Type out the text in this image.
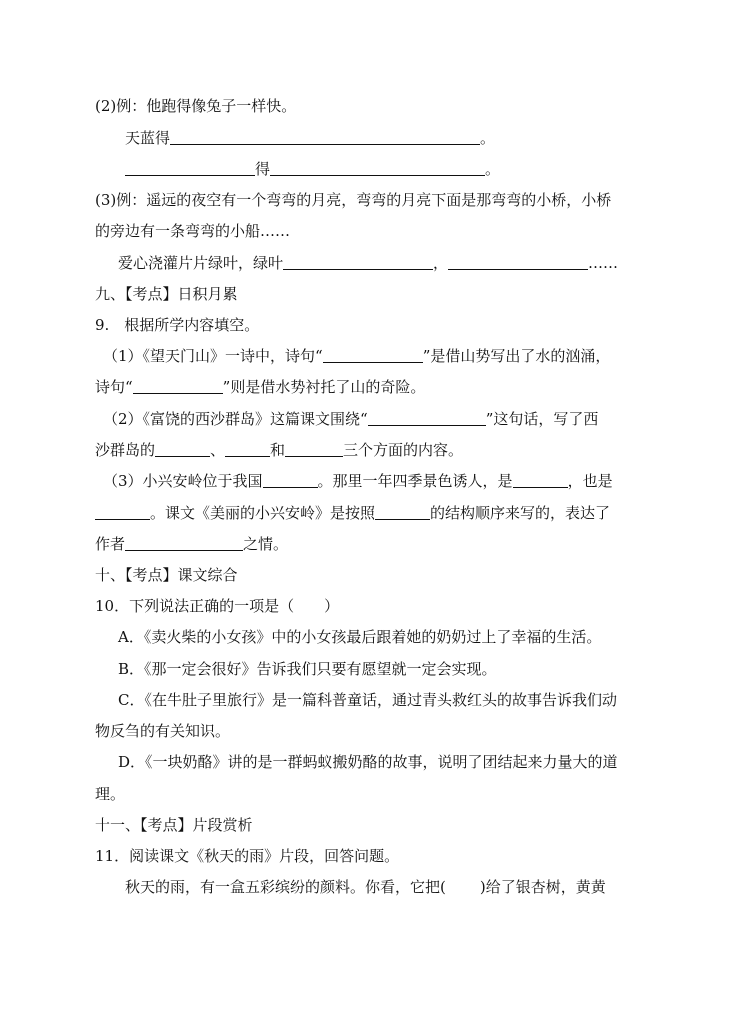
(2)例：他跑得像兔子一样快。
天蓝得	。
得	。
(3)例：遥远的夜空有一个弯弯的月亮，弯弯的月亮下面是那弯弯的小桥，小桥
的旁边有一条弯弯的小船……
爱心浇灌片片绿叶，绿叶	，	……
九、【考点】日积月累
9.　根据所学内容填空。
（1）《望天门山》一诗中，诗句“	”是借山势写出了水的汹涌，
诗句“	”则是借水势衬托了山的奇险。
（2）《富饶的西沙群岛》这篇课文围绕“	”这句话，写了西
沙群岛的	、	和	三个方面的内容。
（3）小兴安岭位于我国	。那里一年四季景色诱人，是	，也是
。课文《美丽的小兴安岭》是按照	的结构顺序来写的，表达了
作者	之情。
十、【考点】课文综合
10．下列说法正确的一项是（　　）
A．《卖火柴的小女孩》中的小女孩最后跟着她的奶奶过上了幸福的生活。
B．《那一定会很好》告诉我们只要有愿望就一定会实现。
C．《在牛肚子里旅行》是一篇科普童话，通过青头救红头的故事告诉我们动
物反刍的有关知识。
D．《一块奶酪》讲的是一群蚂蚁搬奶酪的故事，说明了团结起来力量大的道
理。
十一、【考点】片段赏析
11．阅读课文《秋天的雨》片段，回答问题。
秋天的雨，有一盒五彩缤纷的颜料。你看，它把( )给了银杏树，黄黄
